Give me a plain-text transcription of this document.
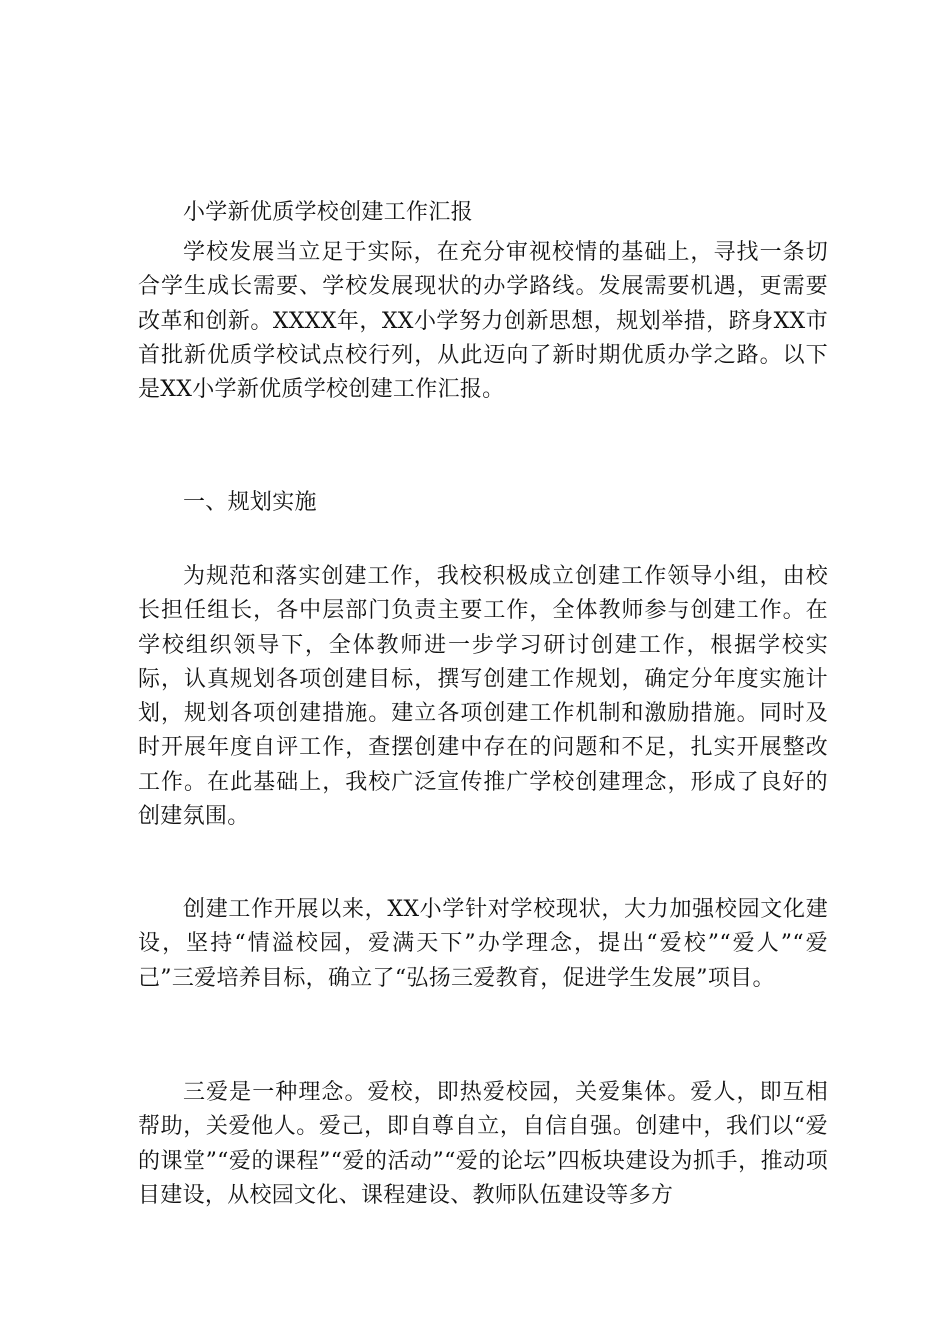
小学新优质学校创建工作汇报

学校发展当立足于实际，在充分审视校情的基础上，寻找一条切合学生成长需要、学校发展现状的办学路线。发展需要机遇，更需要改革和创新。XXXX年，XX小学努力创新思想，规划举措，跻身XX市首批新优质学校试点校行列，从此迈向了新时期优质办学之路。以下是XX小学新优质学校创建工作汇报。

一、规划实施

为规范和落实创建工作，我校积极成立创建工作领导小组，由校长担任组长，各中层部门负责主要工作，全体教师参与创建工作。在学校组织领导下，全体教师进一步学习研讨创建工作，根据学校实际，认真规划各项创建目标，撰写创建工作规划，确定分年度实施计划，规划各项创建措施。建立各项创建工作机制和激励措施。同时及时开展年度自评工作，查摆创建中存在的问题和不足，扎实开展整改工作。在此基础上，我校广泛宣传推广学校创建理念，形成了良好的创建氛围。

创建工作开展以来，XX小学针对学校现状，大力加强校园文化建设，坚持“情溢校园，爱满天下”办学理念，提出“爱校”“爱人”“爱己”三爱培养目标，确立了“弘扬三爱教育，促进学生发展”项目。

三爱是一种理念。爱校，即热爱校园，关爱集体。爱人，即互相帮助，关爱他人。爱己，即自尊自立，自信自强。创建中，我们以“爱的课堂”“爱的课程”“爱的活动”“爱的论坛”四板块建设为抓手，推动项目建设，从校园文化、课程建设、教师队伍建设等多方
